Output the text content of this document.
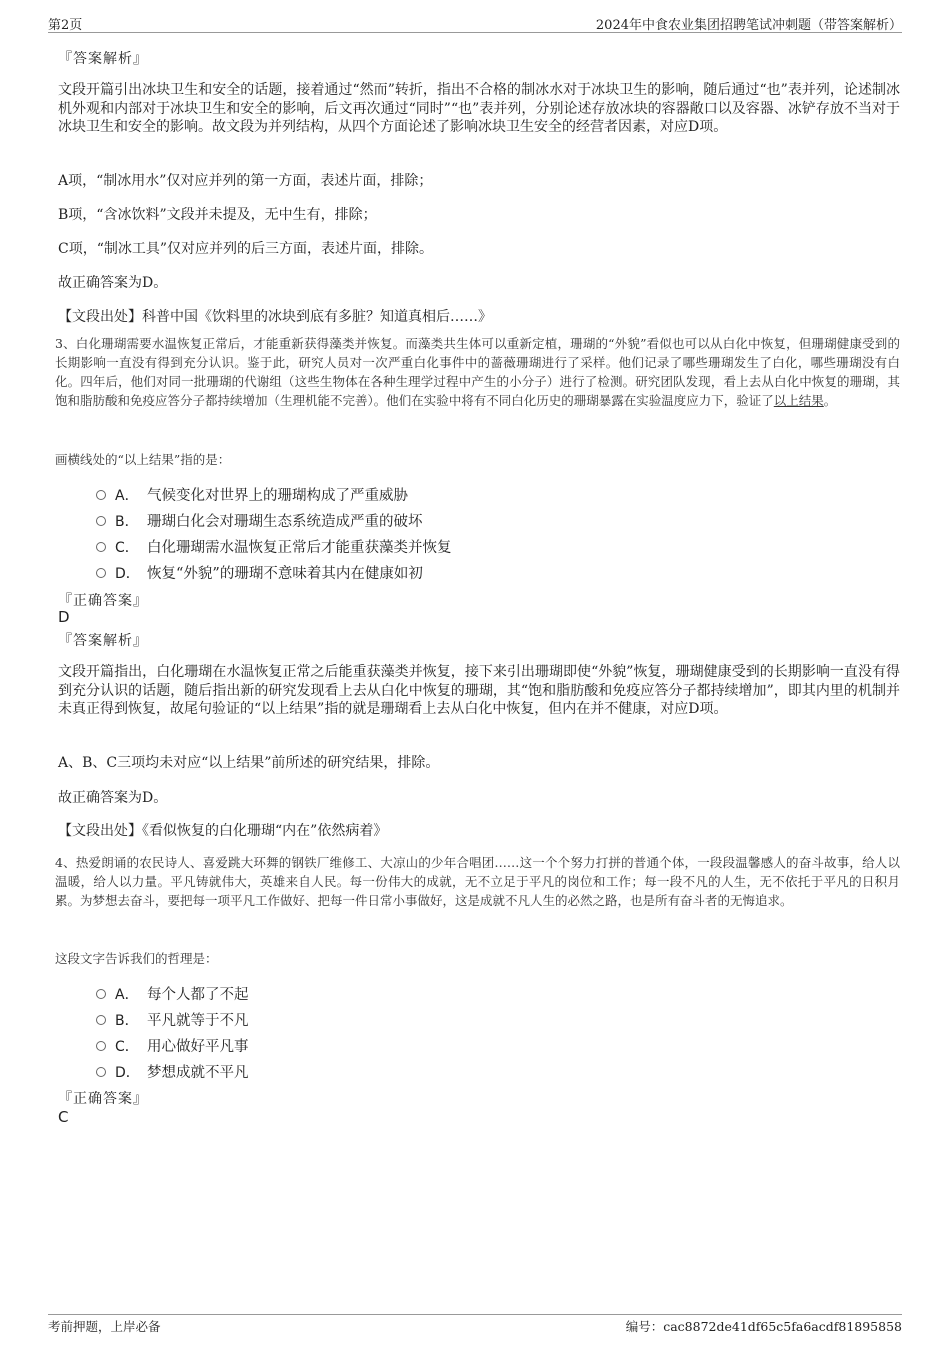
第2页	2024年中食农业集团招聘笔试冲刺题（带答案解析）
『答案解析』
文段开篇引出冰块卫生和安全的话题，接着通过“然而”转折，指出不合格的制冰水对于冰块卫生的影响，随后通过“也”表并列，论述制冰机外观和内部对于冰块卫生和安全的影响，后文再次通过“同时”“也”表并列，分别论述存放冰块的容器敞口以及容器、冰铲存放不当对于冰块卫生和安全的影响。故文段为并列结构，从四个方面论述了影响冰块卫生安全的经营者因素，对应D项。
A项，“制冰用水”仅对应并列的第一方面，表述片面，排除；
B项，“含冰饮料”文段并未提及，无中生有，排除；
C项，“制冰工具”仅对应并列的后三方面，表述片面，排除。
故正确答案为D。
【文段出处】科普中国《饮料里的冰块到底有多脏？知道真相后……》
3、白化珊瑚需要水温恢复正常后，才能重新获得藻类并恢复。而藻类共生体可以重新定植，珊瑚的“外貌”看似也可以从白化中恢复，但珊瑚健康受到的长期影响一直没有得到充分认识。鉴于此，研究人员对一次严重白化事件中的蔷薇珊瑚进行了采样。他们记录了哪些珊瑚发生了白化，哪些珊瑚没有白化。四年后，他们对同一批珊瑚的代谢组（这些生物体在各种生理学过程中产生的小分子）进行了检测。研究团队发现，看上去从白化中恢复的珊瑚，其饱和脂肪酸和免疫应答分子都持续增加（生理机能不完善）。他们在实验中将有不同白化历史的珊瑚暴露在实验温度应力下，验证了以上结果。
画横线处的“以上结果”指的是：
A． 气候变化对世界上的珊瑚构成了严重威胁
B． 珊瑚白化会对珊瑚生态系统造成严重的破坏
C． 白化珊瑚需水温恢复正常后才能重获藻类并恢复
D． 恢复“外貌”的珊瑚不意味着其内在健康如初
『正确答案』
D
『答案解析』
文段开篇指出，白化珊瑚在水温恢复正常之后能重获藻类并恢复，接下来引出珊瑚即使“外貌”恢复，珊瑚健康受到的长期影响一直没有得到充分认识的话题，随后指出新的研究发现看上去从白化中恢复的珊瑚，其“饱和脂肪酸和免疫应答分子都持续增加”，即其内里的机制并未真正得到恢复，故尾句验证的“以上结果”指的就是珊瑚看上去从白化中恢复，但内在并不健康，对应D项。
A、B、C三项均未对应“以上结果”前所述的研究结果，排除。
故正确答案为D。
【文段出处】《看似恢复的白化珊瑚“内在”依然病着》
4、热爱朗诵的农民诗人、喜爱跳大环舞的钢铁厂维修工、大凉山的少年合唱团……这一个个努力打拼的普通个体，一段段温馨感人的奋斗故事，给人以温暖，给人以力量。平凡铸就伟大，英雄来自人民。每一份伟大的成就，无不立足于平凡的岗位和工作；每一段不凡的人生，无不依托于平凡的日积月累。为梦想去奋斗，要把每一项平凡工作做好、把每一件日常小事做好，这是成就不凡人生的必然之路，也是所有奋斗者的无悔追求。
这段文字告诉我们的哲理是：
A． 每个人都了不起
B． 平凡就等于不凡
C． 用心做好平凡事
D． 梦想成就不平凡
『正确答案』
C
考前押题，上岸必备	编号：cac8872de41df65c5fa6acdf81895858
